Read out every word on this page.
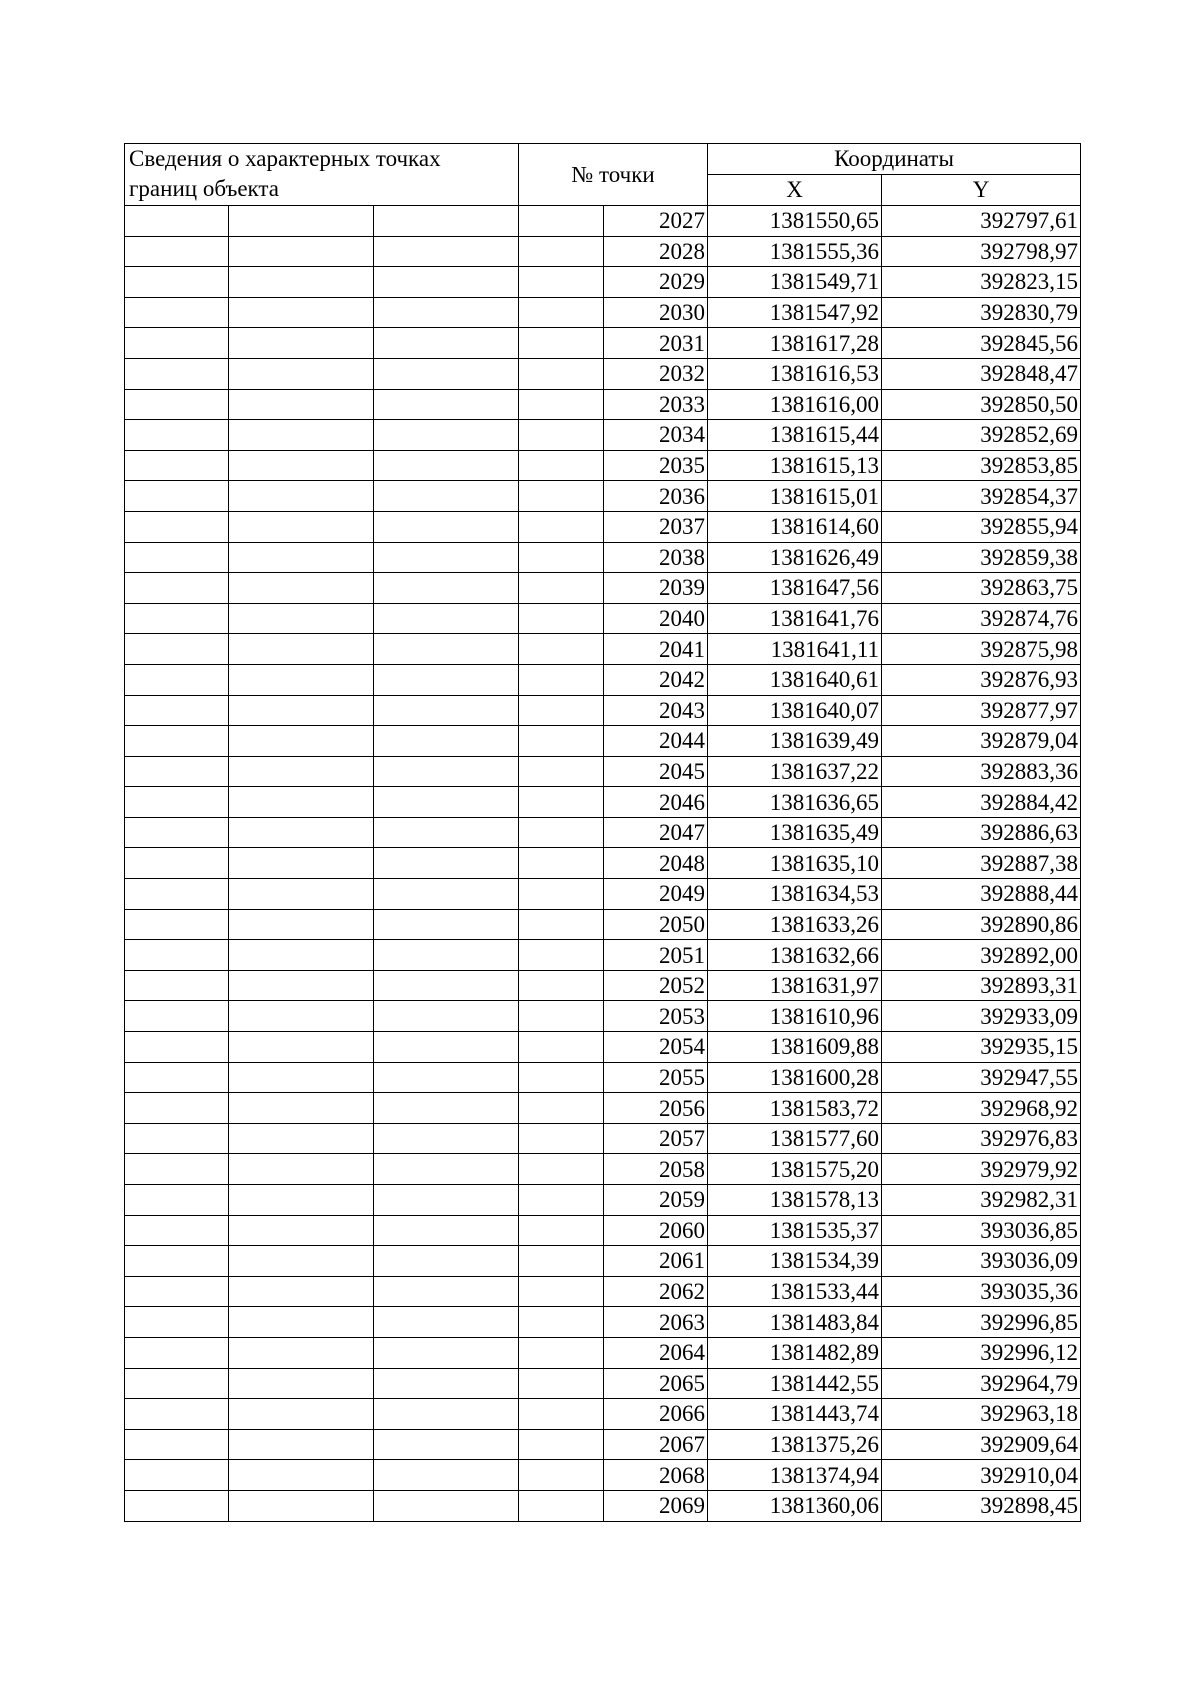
Сведения о характерных точках границ объекта			№ точки		Координаты	
					X	Y
				2027	1381550,65	392797,61
				2028	1381555,36	392798,97
				2029	1381549,71	392823,15
				2030	1381547,92	392830,79
				2031	1381617,28	392845,56
				2032	1381616,53	392848,47
				2033	1381616,00	392850,50
				2034	1381615,44	392852,69
				2035	1381615,13	392853,85
				2036	1381615,01	392854,37
				2037	1381614,60	392855,94
				2038	1381626,49	392859,38
				2039	1381647,56	392863,75
				2040	1381641,76	392874,76
				2041	1381641,11	392875,98
				2042	1381640,61	392876,93
				2043	1381640,07	392877,97
				2044	1381639,49	392879,04
				2045	1381637,22	392883,36
				2046	1381636,65	392884,42
				2047	1381635,49	392886,63
				2048	1381635,10	392887,38
				2049	1381634,53	392888,44
				2050	1381633,26	392890,86
				2051	1381632,66	392892,00
				2052	1381631,97	392893,31
				2053	1381610,96	392933,09
				2054	1381609,88	392935,15
				2055	1381600,28	392947,55
				2056	1381583,72	392968,92
				2057	1381577,60	392976,83
				2058	1381575,20	392979,92
				2059	1381578,13	392982,31
				2060	1381535,37	393036,85
				2061	1381534,39	393036,09
				2062	1381533,44	393035,36
				2063	1381483,84	392996,85
				2064	1381482,89	392996,12
				2065	1381442,55	392964,79
				2066	1381443,74	392963,18
				2067	1381375,26	392909,64
				2068	1381374,94	392910,04
				2069	1381360,06	392898,45
